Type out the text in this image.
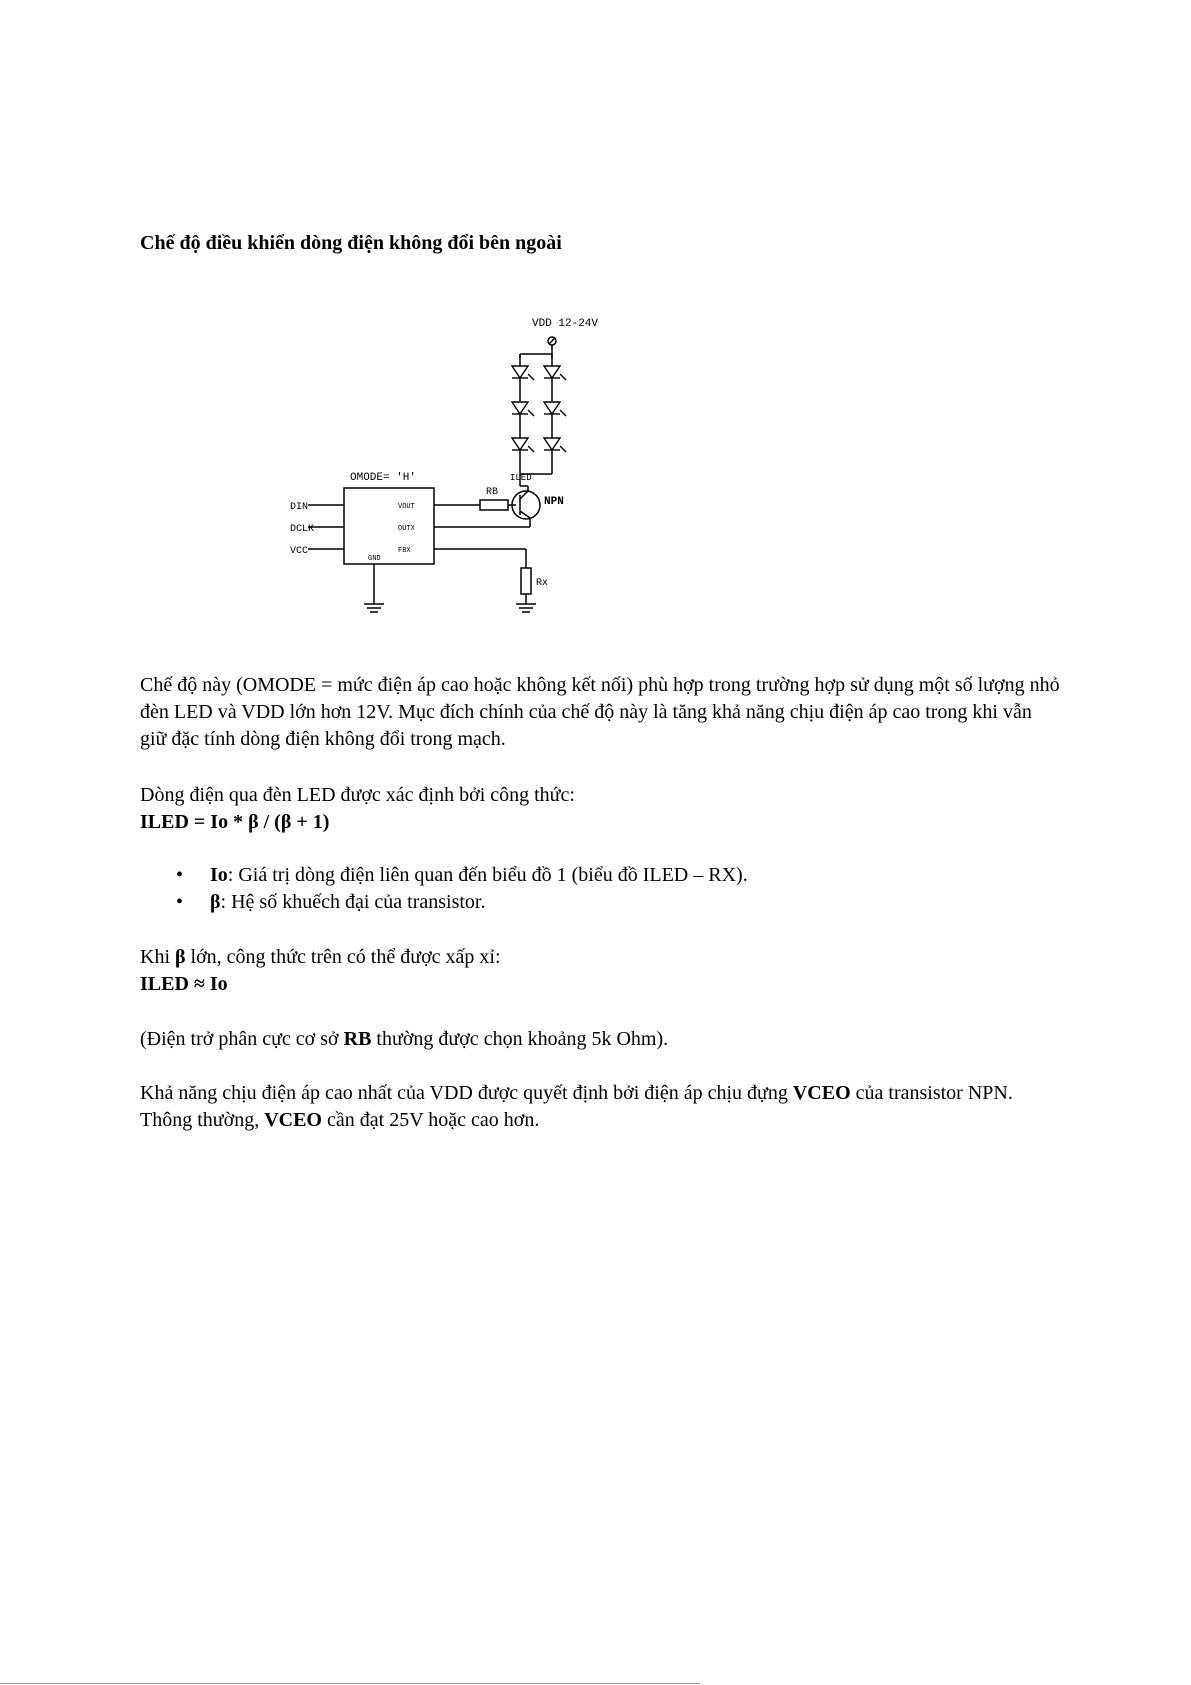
Chế độ điều khiển dòng điện không đổi bên ngoài
VDD 12-24V
OMODE= 'H'
DIN
DCLK
VCC
VOUT
OUTX
FBX
GND
RB
ILED
NPN
Rx

Chế độ này (OMODE = mức điện áp cao hoặc không kết nối) phù hợp trong trường hợp sử dụng một số lượng nhỏ đèn LED và VDD lớn hơn 12V. Mục đích chính của chế độ này là tăng khả năng chịu điện áp cao trong khi vẫn giữ đặc tính dòng điện không đổi trong mạch.

Dòng điện qua đèn LED được xác định bởi công thức:
ILED = Io * β / (β + 1)
• Io: Giá trị dòng điện liên quan đến biểu đồ 1 (biểu đồ ILED – RX).
• β: Hệ số khuếch đại của transistor.
Khi β lớn, công thức trên có thể được xấp xỉ:
ILED ≈ Io

(Điện trở phân cực cơ sở RB thường được chọn khoảng 5k Ohm).

Khả năng chịu điện áp cao nhất của VDD được quyết định bởi điện áp chịu đựng VCEO của transistor NPN. Thông thường, VCEO cần đạt 25V hoặc cao hơn.
